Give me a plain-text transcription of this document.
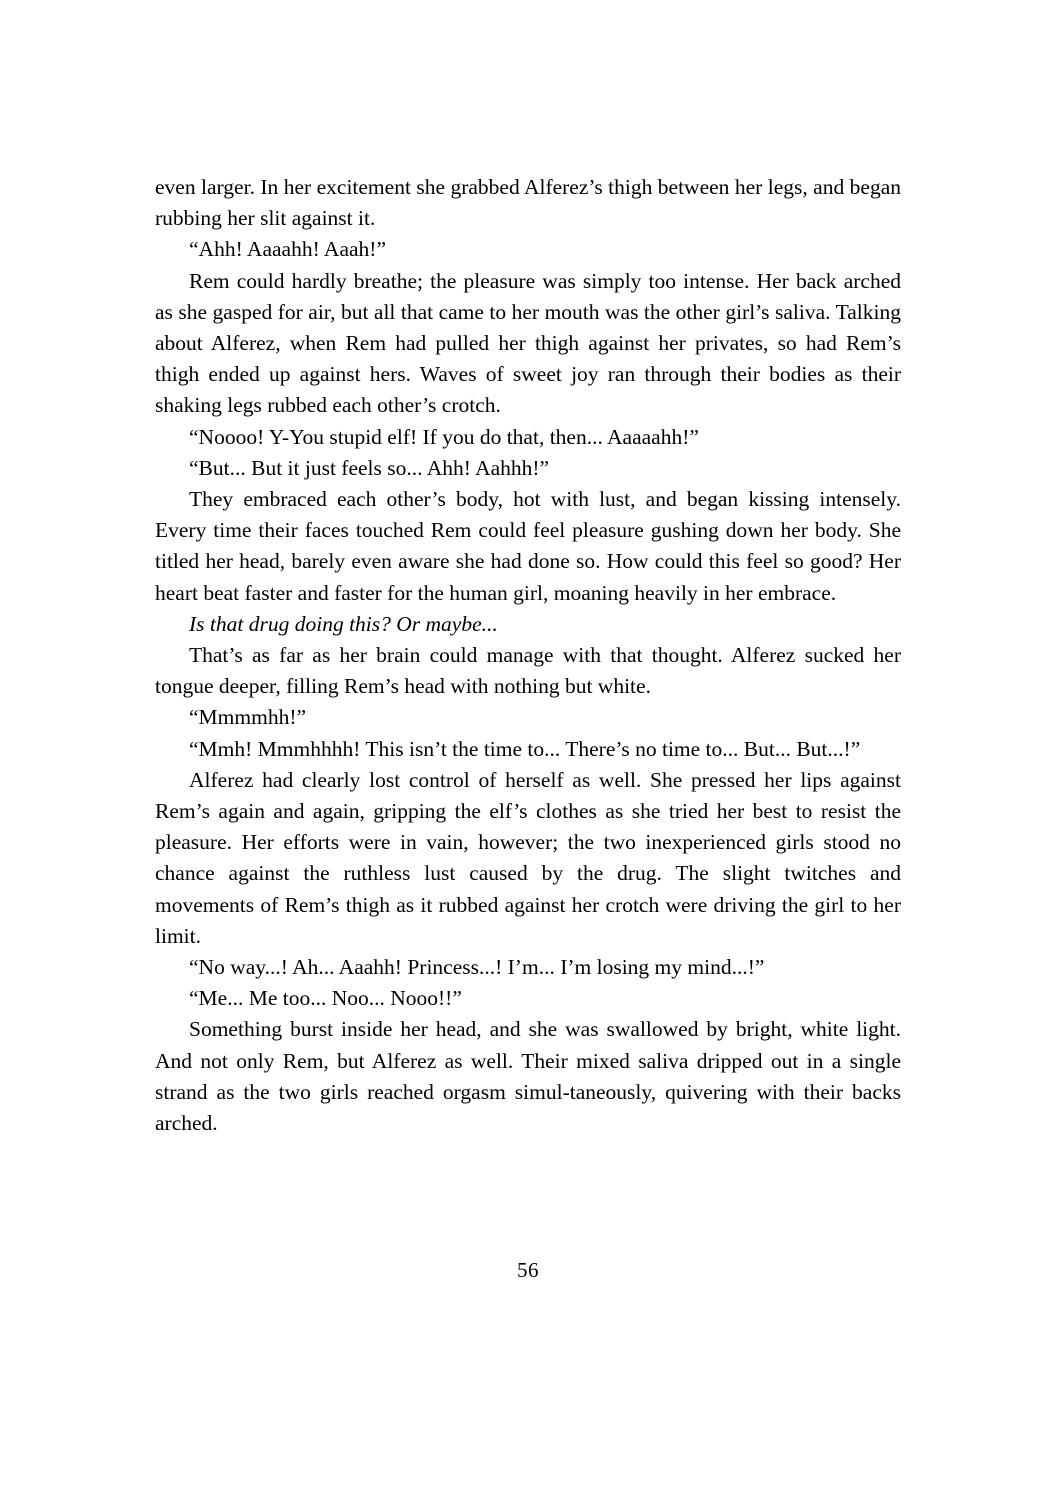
even larger. In her excitement she grabbed Alferez’s thigh between her legs, and began rubbing her slit against it.

“Ahh! Aaaahh! Aaah!”

Rem could hardly breathe; the pleasure was simply too intense. Her back arched as she gasped for air, but all that came to her mouth was the other girl’s saliva. Talking about Alferez, when Rem had pulled her thigh against her privates, so had Rem’s thigh ended up against hers. Waves of sweet joy ran through their bodies as their shaking legs rubbed each other’s crotch.

“Noooo! Y-You stupid elf! If you do that, then... Aaaaahh!”

“But... But it just feels so... Ahh! Aahhh!”

They embraced each other’s body, hot with lust, and began kissing intensely. Every time their faces touched Rem could feel pleasure gushing down her body. She titled her head, barely even aware she had done so. How could this feel so good? Her heart beat faster and faster for the human girl, moaning heavily in her embrace.

Is that drug doing this? Or maybe...

That’s as far as her brain could manage with that thought. Alferez sucked her tongue deeper, filling Rem’s head with nothing but white.

“Mmmmhh!”

“Mmh! Mmmhhhh! This isn’t the time to... There’s no time to... But... But...!”

Alferez had clearly lost control of herself as well. She pressed her lips against Rem’s again and again, gripping the elf’s clothes as she tried her best to resist the pleasure. Her efforts were in vain, however; the two inexperienced girls stood no chance against the ruthless lust caused by the drug. The slight twitches and movements of Rem’s thigh as it rubbed against her crotch were driving the girl to her limit.

“No way...! Ah... Aaahh! Princess...! I’m... I’m losing my mind...!”

“Me... Me too... Noo... Nooo!!”

Something burst inside her head, and she was swallowed by bright, white light. And not only Rem, but Alferez as well. Their mixed saliva dripped out in a single strand as the two girls reached orgasm simul-taneously, quivering with their backs arched.

56
